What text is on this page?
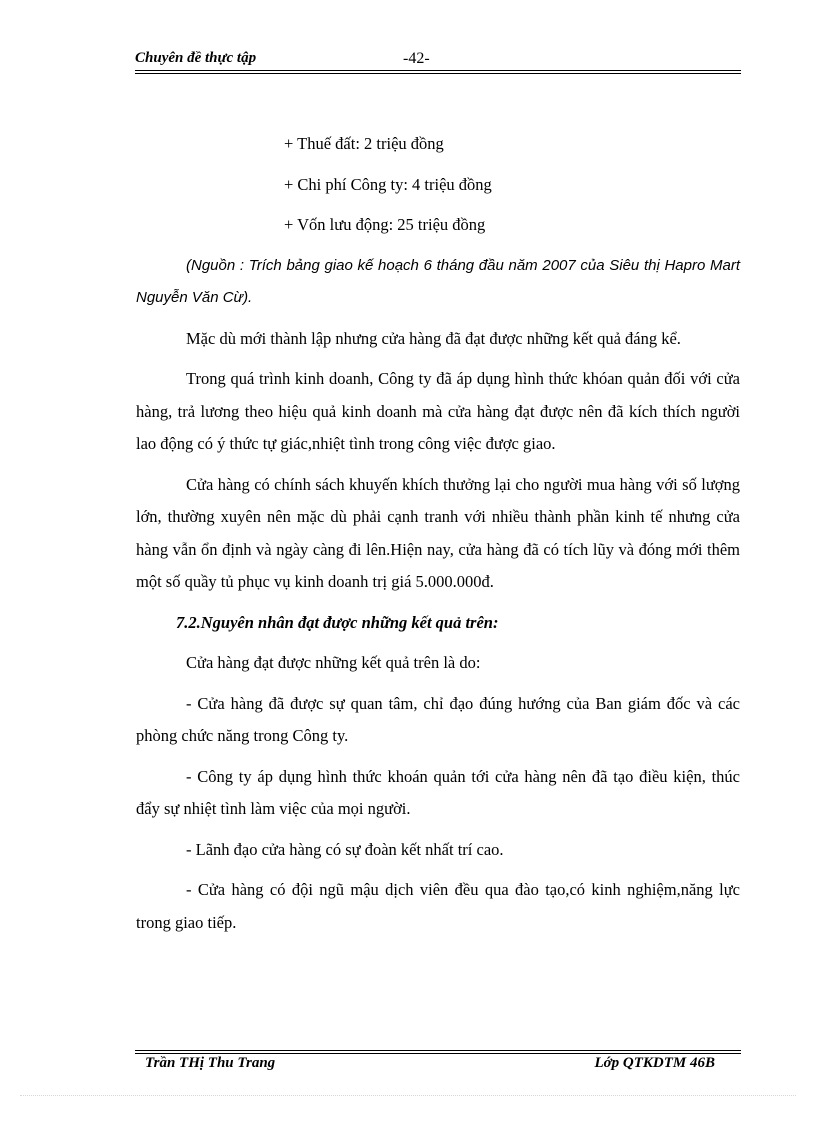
Chuyên đề thực tập	-42-

+ Thuế đất: 2 triệu đồng

+ Chi phí Công ty: 4 triệu đồng

+ Vốn lưu động: 25 triệu đồng

(Nguồn : Trích bảng giao kế hoạch 6 tháng đầu năm 2007 của Siêu thị Hapro Mart Nguyễn Văn Cừ).

Mặc dù mới thành lập nhưng cửa hàng đã đạt được những kết quả đáng kể.

Trong quá trình kinh doanh, Công ty đã áp dụng hình thức khóan quản đối với cửa hàng, trả lương theo hiệu quả kinh doanh mà cửa hàng đạt được nên đã kích thích người lao động có ý thức tự giác,nhiệt tình trong công việc được giao.

Cửa hàng có chính sách khuyến khích thưởng lại cho người mua hàng với số lượng lớn, thường xuyên nên mặc dù phải cạnh tranh với nhiều thành phần kinh tế nhưng cửa hàng vẫn ổn định và ngày càng đi lên.Hiện nay, cửa hàng đã có tích lũy và đóng mới thêm một số quầy tủ phục vụ kinh doanh trị giá 5.000.000đ.

7.2.Nguyên nhân đạt được những kết quả trên:

Cửa hàng đạt được những kết quả trên là do:

- Cửa hàng đã được sự quan tâm, chỉ đạo đúng hướng của Ban giám đốc và các phòng chức năng trong Công ty.

- Công ty áp dụng hình thức khoán quản tới cửa hàng nên đã tạo điều kiện, thúc đẩy sự nhiệt tình làm việc của mọi người.

- Lãnh đạo cửa hàng có sự đoàn kết nhất trí cao.

- Cửa hàng có đội ngũ mậu dịch viên đều qua đào tạo,có kinh nghiệm,năng lực trong giao tiếp.

Trần THị Thu Trang	Lớp QTKDTM 46B
